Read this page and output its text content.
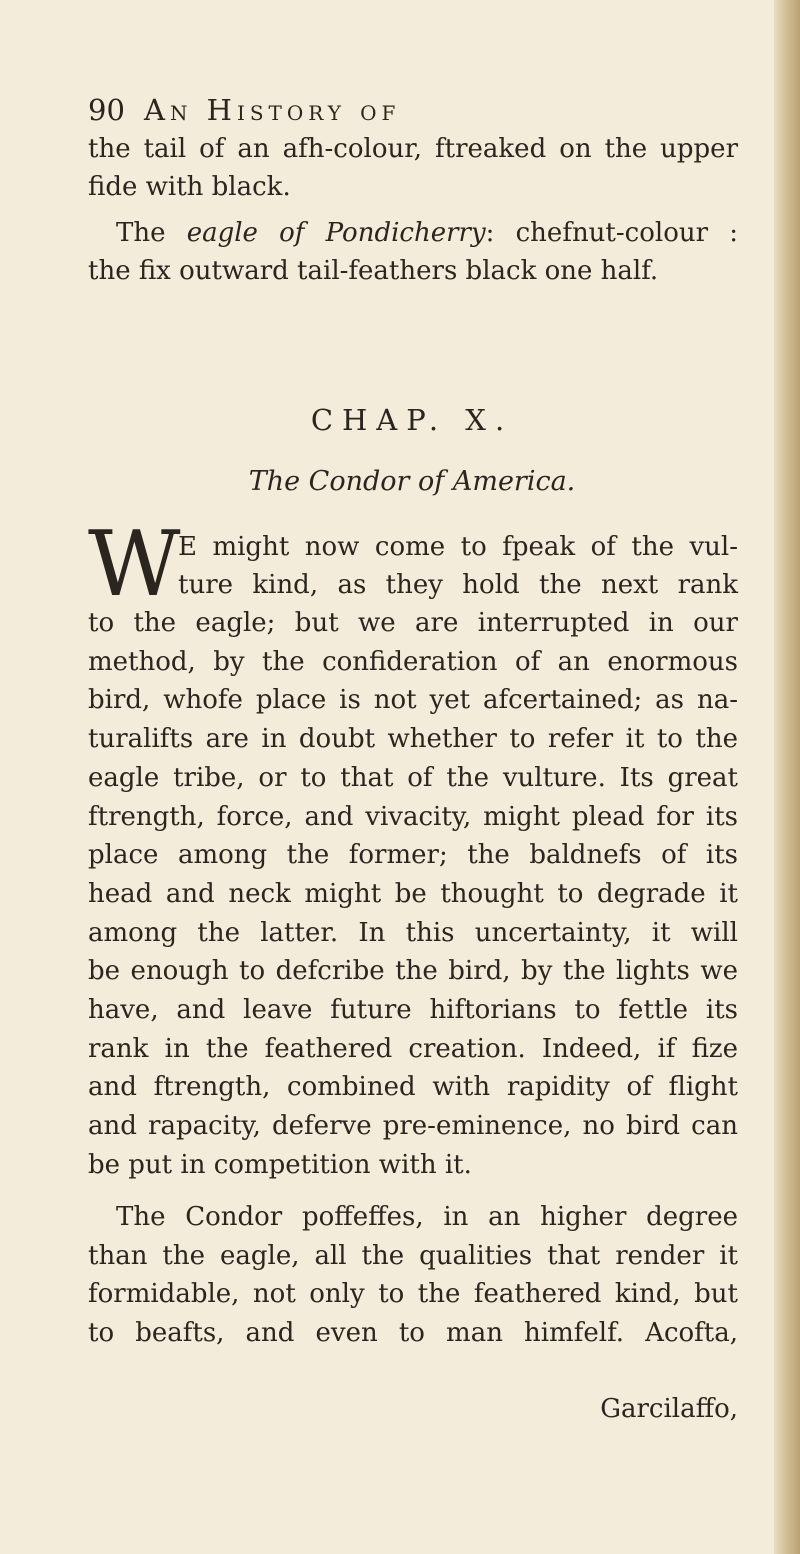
90 An History of
the tail of an afh-colour, ftreaked on the upper
fide with black.
The eagle of Pondicherry: chefnut-colour :
the fix outward tail-feathers black one half.
CHAP. X.
The Condor of America.
W
E might now come to fpeak of the vul-
ture kind, as they hold the next rank
to the eagle; but we are interrupted in our
method, by the confideration of an enormous
bird, whofe place is not yet afcertained; as na-
turalifts are in doubt whether to refer it to the
eagle tribe, or to that of the vulture. Its great
ftrength, force, and vivacity, might plead for its
place among the former; the baldnefs of its
head and neck might be thought to degrade it
among the latter. In this uncertainty, it will
be enough to defcribe the bird, by the lights we
have, and leave future hiftorians to fettle its
rank in the feathered creation. Indeed, if fize
and ftrength, combined with rapidity of flight
and rapacity, deferve pre-eminence, no bird can
be put in competition with it.
The Condor poffeffes, in an higher degree
than the eagle, all the qualities that render it
formidable, not only to the feathered kind, but
to beafts, and even to man himfelf. Acofta,
Garcilaffo,
